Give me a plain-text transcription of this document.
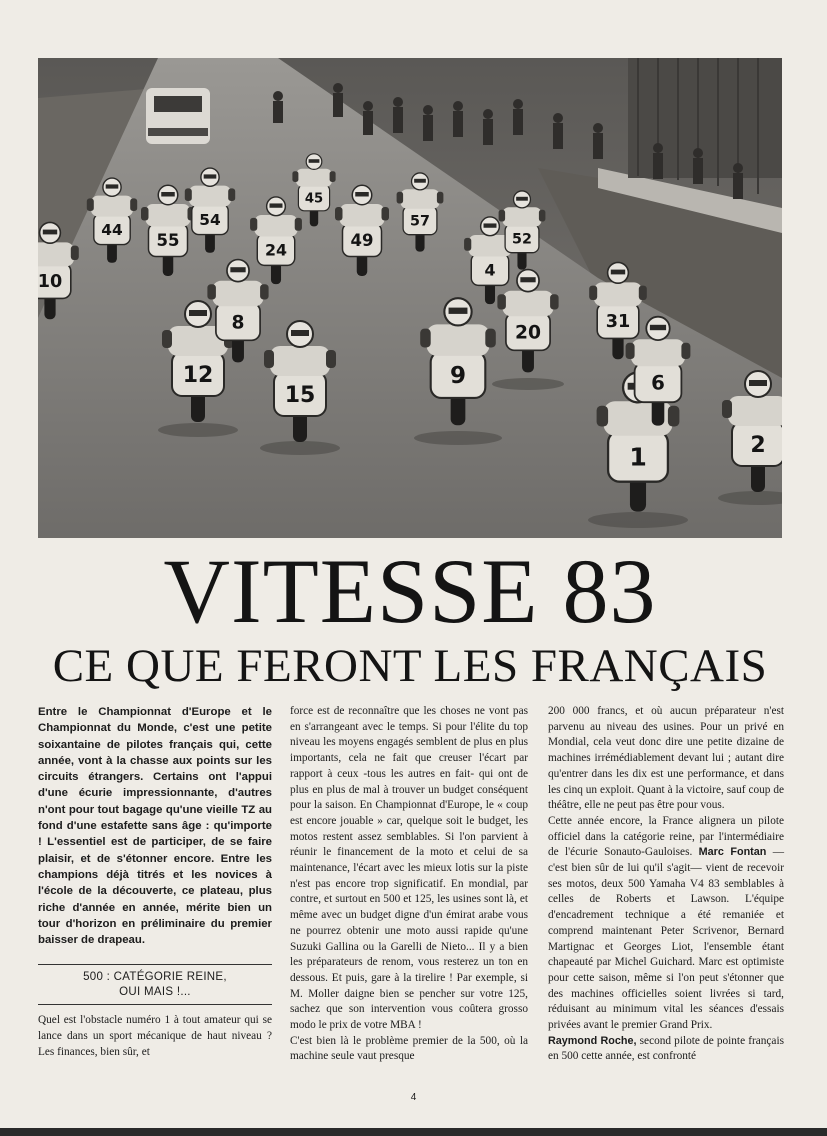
12
15
8
9
20
1
6
2
31
10
55
54
44
24	49
57
45
4
52
VITESSE 83
CE QUE FERONT LES FRANÇAIS

Entre le Championnat d'Europe et le Championnat du Monde, c'est une petite soixantaine de pilotes français qui, cette année, vont à la chasse aux points sur les circuits étrangers. Certains ont l'appui d'une écurie impressionnante, d'autres n'ont pour tout bagage qu'une vieille TZ au fond d'une estafette sans âge : qu'importe ! L'essentiel est de participer, de se faire plaisir, et de s'étonner encore. Entre les champions déjà titrés et les novices à l'école de la découverte, ce plateau, plus riche d'année en année, mérite bien un tour d'horizon en préliminaire du premier baisser de drapeau.

500 : CATÉGORIE REINE,
OUI MAIS !...

Quel est l'obstacle numéro 1 à tout amateur qui se lance dans un sport mécanique de haut niveau ? Les finances, bien sûr, et

force est de reconnaître que les choses ne vont pas en s'arrangeant avec le temps. Si pour l'élite du top niveau les moyens engagés semblent de plus en plus importants, cela ne fait que creuser l'écart par rapport à ceux -tous les autres en fait- qui ont de plus en plus de mal à trouver un budget conséquent pour la saison. En Championnat d'Europe, le « coup est encore jouable » car, quelque soit le budget, les motos restent assez semblables. Si l'on parvient à réunir le financement de la moto et celui de sa maintenance, l'écart avec les mieux lotis sur la piste n'est pas encore trop significatif. En mondial, par contre, et surtout en 500 et 125, les usines sont là, et même avec un budget digne d'un émirat arabe vous ne pourrez obtenir une moto aussi rapide qu'une Suzuki Gallina ou la Garelli de Nieto... Il y a bien les préparateurs de renom, vous resterez un ton en dessous. Et puis, gare à la tirelire ! Par exemple, si M. Moller daigne bien se pencher sur votre 125, sachez que son intervention vous coûtera grosso modo le prix de votre MBA !

C'est bien là le problème premier de la 500, où la machine seule vaut presque

200 000 francs, et où aucun préparateur n'est parvenu au niveau des usines. Pour un privé en Mondial, cela veut donc dire une petite dizaine de machines irrémédiablement devant lui ; autant dire qu'entrer dans les dix est une performance, et dans les cinq un exploit. Quant à la victoire, sauf coup de théâtre, elle ne peut pas être pour vous.

Cette année encore, la France alignera un pilote officiel dans la catégorie reine, par l'intermédiaire de l'écurie Sonauto-Gauloises. Marc Fontan —c'est bien sûr de lui qu'il s'agit— vient de recevoir ses motos, deux 500 Yamaha V4 83 semblables à celles de Roberts et Lawson. L'équipe d'encadrement technique a été remaniée et comprend maintenant Peter Scrivenor, Bernard Martignac et Georges Liot, l'ensemble étant chapeauté par Michel Guichard. Marc est optimiste pour cette saison, même si l'on peut s'étonner que des machines officielles soient livrées si tard, réduisant au minimum vital les séances d'essais privées avant le premier Grand Prix.

Raymond Roche, second pilote de pointe français en 500 cette année, est confronté

4
